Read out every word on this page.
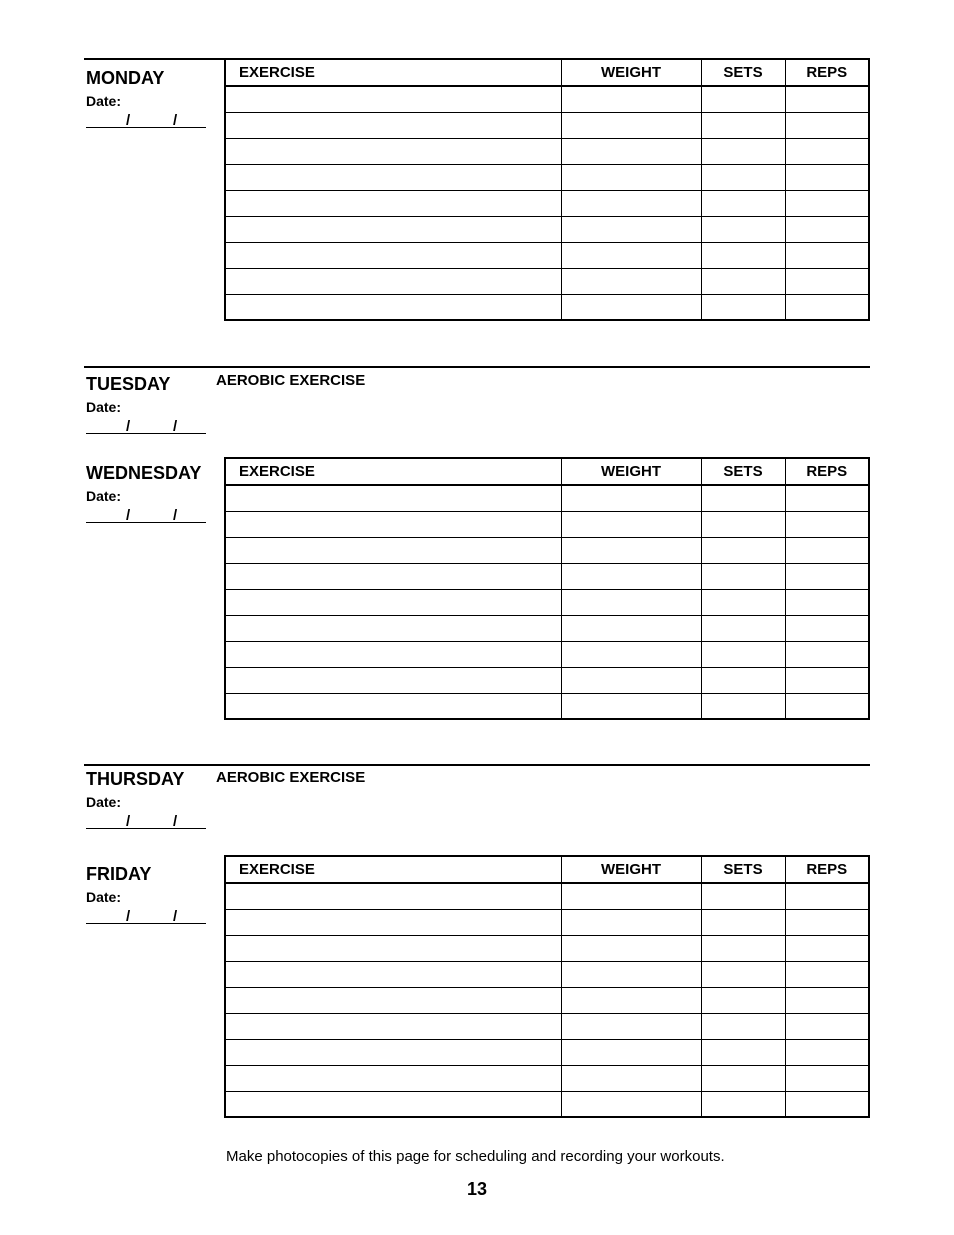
MONDAY
Date:
/	/
EXERCISE	WEIGHT	SETS	REPS

TUESDAY
Date:
/	/
AEROBIC EXERCISE
WEDNESDAY
Date:
/	/
EXERCISE	WEIGHT	SETS	REPS

THURSDAY
Date:
/	/
AEROBIC EXERCISE
FRIDAY
Date:
/	/
EXERCISE	WEIGHT	SETS	REPS

Make photocopies of this page for scheduling and recording your workouts.
13
